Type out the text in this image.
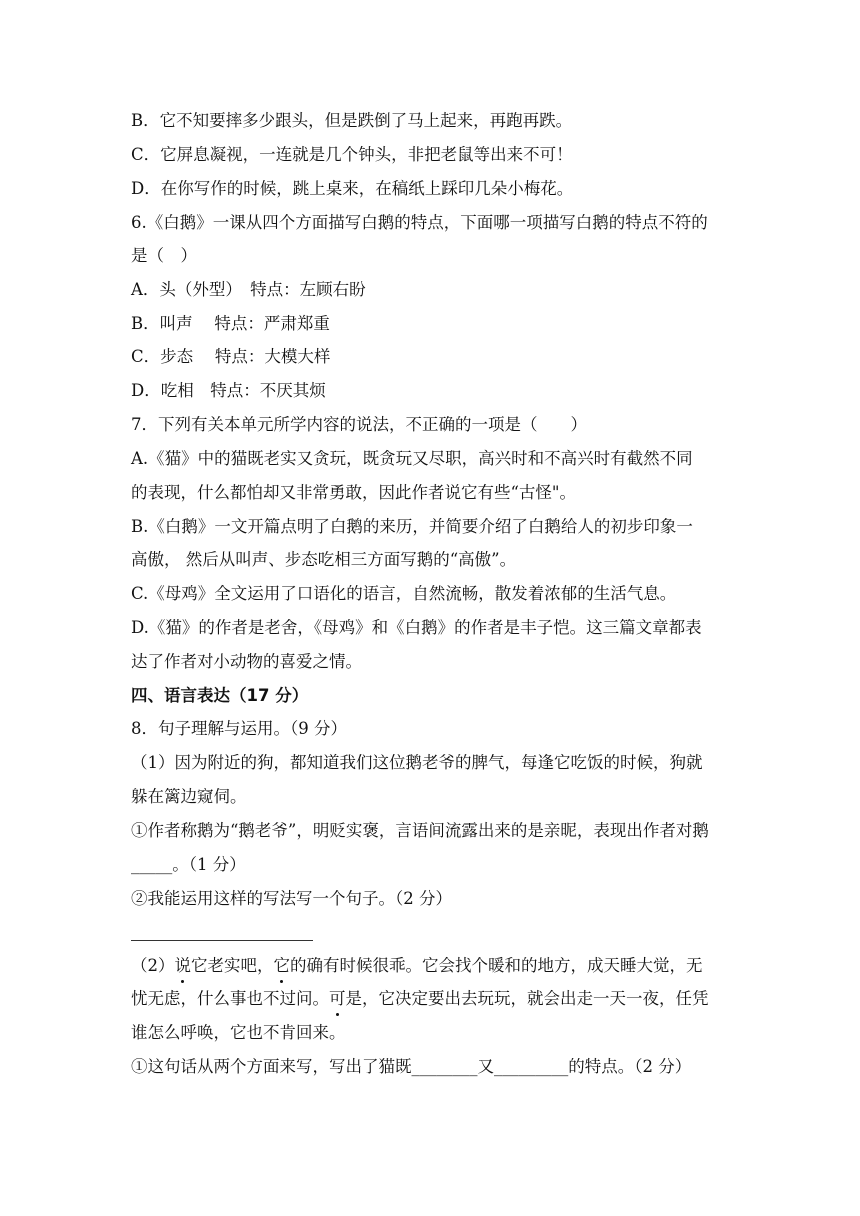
B．它不知要摔多少跟头，但是跌倒了马上起来，再跑再跌。

C．它屏息凝视，一连就是几个钟头，非把老鼠等出来不可！

D．在你写作的时候，跳上桌来，在稿纸上踩印几朵小梅花。

6.《白鹅》一课从四个方面描写白鹅的特点，下面哪一项描写白鹅的特点不符的

是（　）

A．头（外型）　特点：左顾右盼

B．叫声　 特点：严肃郑重

C．步态　 特点：大模大样

D．吃相　特点：不厌其烦

7．下列有关本单元所学内容的说法，不正确的一项是（　　）

A.《猫》中的猫既老实又贪玩，既贪玩又尽职，高兴时和不高兴时有截然不同

的表现，什么都怕却又非常勇敢，因此作者说它有些“古怪"。

B.《白鹅》一文开篇点明了白鹅的来历，并简要介绍了白鹅给人的初步印象一

高傲， 然后从叫声、步态吃相三方面写鹅的“高傲”。

C.《母鸡》全文运用了口语化的语言，自然流畅，散发着浓郁的生活气息。

D.《猫》的作者是老舍，《母鸡》和《白鹅》的作者是丰子恺。这三篇文章都表

达了作者对小动物的喜爱之情。

四、语言表达（17 分）

8．句子理解与运用。（9 分）

（1）因为附近的狗，都知道我们这位鹅老爷的脾气，每逢它吃饭的时候，狗就

躲在篱边窥伺。

①作者称鹅为“鹅老爷”，明贬实褒，言语间流露出来的是亲昵，表现出作者对鹅

_____。（1 分）

②我能运用这样的写法写一个句子。（2 分）

（2）说它老实吧，它的确有时候很乖。它会找个暖和的地方，成天睡大觉，无

忧无虑，什么事也不过问。可是，它决定要出去玩玩，就会出走一天一夜，任凭

谁怎么呼唤，它也不肯回来。

①这句话从两个方面来写，写出了猫既________又_________的特点。（2 分）
